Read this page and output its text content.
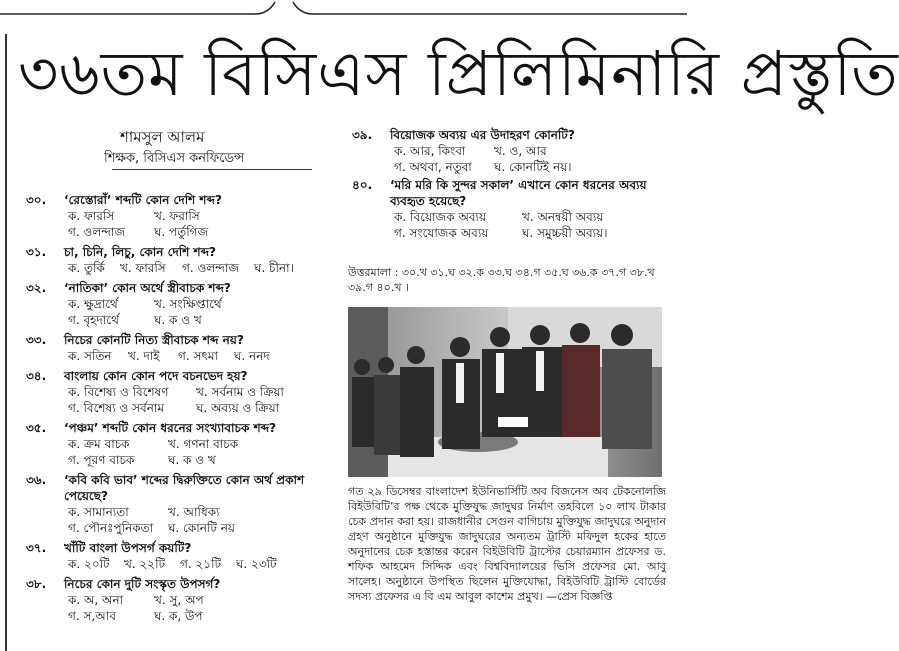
৩৬তম বিসিএস প্রিলিমিনারি প্রস্তুতি
শামসুল আলম
শিক্ষক, বিসিএস কনফিডেন্স
৩০. ‘রেস্তোরাঁ’ শব্দটি কোন দেশি শব্দ?
ক. ফারসি	খ. ফরাসি
গ. ওলন্দাজ ঘ. পর্তুগিজ
৩১. চা, চিনি, লিচু, কোন দেশি শব্দ?
ক. তুর্কি খ. ফারসি গ. ওলন্দাজ ঘ. চীনা।
৩২. ‘নাতিকা’ কোন অর্থে স্ত্রীবাচক শব্দ?
ক. ক্ষুদ্রার্থে	খ. সংক্ষিপ্তার্থে
গ. বৃহদার্থে	ঘ. ক ও খ
৩৩. নিচের কোনটি নিত্য স্ত্রীবাচক শব্দ নয়?
ক. সতিন খ. দাই গ. সৎমা ঘ. ননদ
৩৪. বাংলায় কোন কোন পদে বচনভেদ হয়?
ক. বিশেষ্য ও বিশেষণ খ. সর্বনাম ও ক্রিয়া
গ. বিশেষ্য ও সর্বনাম	ঘ. অব্যয় ও ক্রিয়া
৩৫. ‘পঞ্চম’ শব্দটি কোন ধরনের সংখ্যাবাচক শব্দ?
ক. ক্রম বাচক	খ. গণনা বাচক
গ. পূরণ বাচক	ঘ. ক ও খ
৩৬. ‘কবি কবি ভাব’ শব্দের দ্বিরুক্তিতে কোন অর্থ প্রকাশ পেয়েছে?
ক. সামান্যতা	খ. আধিক্য
গ. পৌনঃপুনিকতা ঘ. কোনটি নয়
৩৭. খাঁটি বাংলা উপসর্গ কয়টি?
ক. ২০টি খ. ২২টি গ. ২১টি ঘ. ২৩টি
৩৮. নিচের কোন দুটি সংস্কৃত উপসর্গ?
ক. অ, অনা	খ. সু, অপ
গ. স,আব	ঘ. ক, উপ
৩৯. বিয়োজক অব্যয় এর উদাহরণ কোনটি?
ক. আর, কিংবা খ. ও, আর
গ. অথবা, নতুবা ঘ. কোনটিই নয়।
৪০. ‘মরি মরি কি সুন্দর সকাল’ এখানে কোন ধরনের অব্যয় ব্যবহৃত হয়েছে?
ক. বিয়োজক অব্যয়	খ. অনন্বয়ী অব্যয়
গ. সংযোজক অব্যয়	ঘ. সমুচ্চয়ী অব্যয়।
উত্তরমালা : ৩০.খ ৩১.ঘ ৩২.ক ৩৩.ঘ ৩৪.গ ৩৫.ঘ ৩৬.ক ৩৭.গ ৩৮.খ ৩৯.গ ৪০.খ ।
গত ২৯ ডিসেম্বর বাংলাদেশ ইউনিভার্সিটি অব বিজনেস অব টেকনোলজি বিইউবিটি’র পক্ষ থেকে মুক্তিযুদ্ধ জাদুঘর নির্মাণ তহবিলে ১০ লাখ টাকার চেক প্রদান করা হয়। রাজধানীর সেগুন বাগিচায় মুক্তিযুদ্ধ জাদুঘরে অনুদান গ্রহণ অনুষ্ঠানে মুক্তিযুদ্ধ জাদুঘরের অন্যতম ট্রাস্টি মফিদুল হকের হাতে অনুদানের চেক হস্তান্তর করেন বিইউবিটি ট্রাস্টের চেয়ারম্যান প্রফেসর ড. শফিক আহমেদ সিদ্দিক এবং বিশ্ববিদ্যালয়ের ভিসি প্রফেসর মো. আবু সালেহ। অনুষ্ঠানে উপস্থিত ছিলেন মুক্তিযোদ্ধা, বিইউবিটি ট্রাস্টি বোর্ডের সদস্য প্রফেসর এ বি এম আবুল কাশেম প্রমুখ। —প্রেস বিজ্ঞপ্তি
